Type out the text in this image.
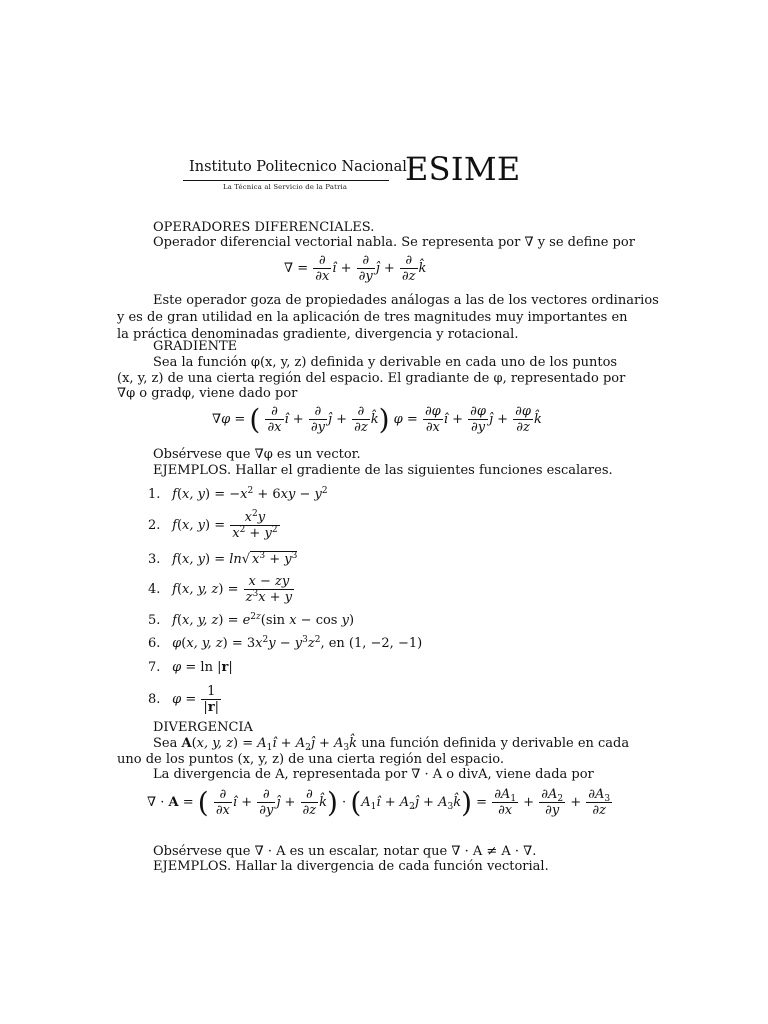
Instituto Politecnico Nacional
La Técnica al Servicio de la Patria ESIME
OPERADORES DIFERENCIALES.
Operador diferencial vectorial nabla. Se representa por ∇ y se define por
∇ = $\frac{\partial}{\partial x}$ î + $\frac{\partial}{\partial y}$ ĵ + $\frac{\partial}{\partial z}$ k̂
Este operador goza de propiedades análogas a las de los vectores ordinarios
y es de gran utilidad en la aplicación de tres magnitudes muy importantes en
la práctica denominadas gradiente, divergencia y rotacional.
GRADIENTE
Sea la función φ(x, y, z) definida y derivable en cada uno de los puntos
(x, y, z) de una cierta región del espacio. El gradiante de φ, representado por
∇φ o gradφ, viene dado por
∇φ = ( $\frac{\partial}{\partial x}$ î + $\frac{\partial}{\partial y}$ ĵ + $\frac{\partial}{\partial z}$ k̂) $\varphi = \frac{\partial\varphi}{\partial x}$ î + $\frac{\partial\varphi}{\partial y}$ ĵ + $\frac{\partial\varphi}{\partial z}$ k̂
Obsérvese que ∇φ es un vector.
EJEMPLOS. Hallar el gradiente de las siguientes funciones escalares.
1. f(x, $y) = -x^2 + 6xy - y^2$
2. f(x, $y) = \frac{x^2y}{x^2 + y^2}$
3. f(x, y) = ln√ $x^3 + y^3$
4. f(x, y, $z) = \frac{x - zy}{z^3x + y}$
5. f(x, y, $z) = e^{2z}(\sin$ x − cos y)
6. φ(x, y, $z) = 3x^2y - y^3z^2$, en (1, −2, −1)
7. φ = ln |r|
8. $\varphi = \frac{1}{|r|}$
DIVERGENCIA
Sea A(x, y, $z) = A_1î$ + $A_2ĵ$ + $A_3k̂$ una función definida y derivable en cada
uno de los puntos (x, y, z) de una cierta región del espacio.
La divergencia de A, representada por ∇ · A o divA, viene dada por
∇ · A = ( $\frac{\partial}{\partial x}$ î + $\frac{\partial}{\partial y}$ ĵ + $\frac{\partial}{\partial z}$ k̂) · ($A_1î$ + $A_2ĵ$ + $A_3k̂) = \frac{\partial A_1}{\partial x} + \frac{\partial A_2}{\partial y} + \frac{\partial A_3}{\partial z}$
Obsérvese que ∇ · A es un escalar, notar que ∇ · A ≠ A · ∇.
EJEMPLOS. Hallar la divergencia de cada función vectorial.
